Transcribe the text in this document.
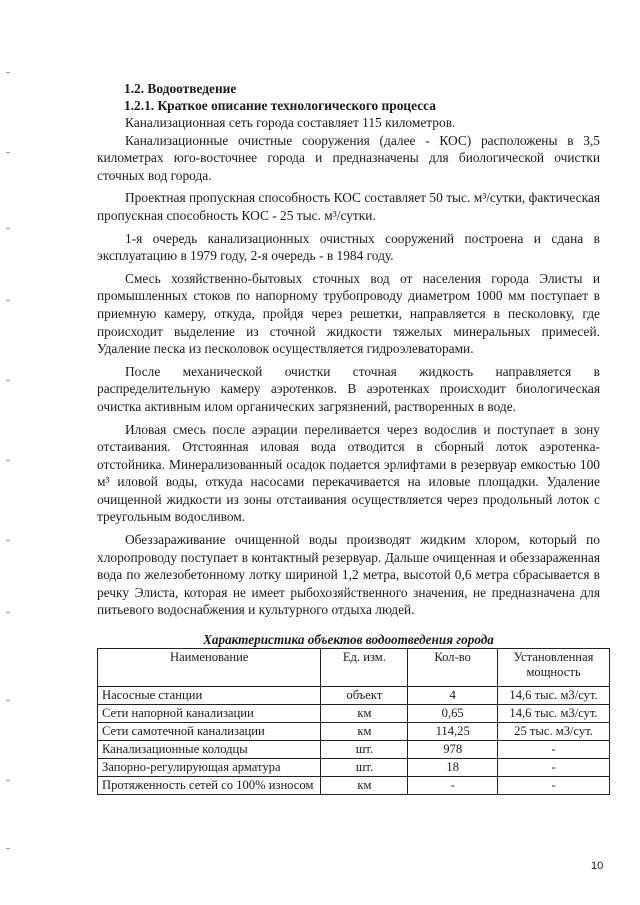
1.2. Водоотведение
1.2.1. Краткое описание технологического процесса

Канализационная сеть города составляет 115 километров.

Канализационные очистные сооружения (далее - КОС) расположены в 3,5 километрах юго-восточнее города и предназначены для биологической очистки сточных вод города.

Проектная пропускная способность КОС составляет 50 тыс. м³/сутки, фактическая пропускная способность КОС - 25 тыс. м³/сутки.

1-я очередь канализационных очистных сооружений построена и сдана в эксплуатацию в 1979 году, 2-я очередь - в 1984 году.

Смесь хозяйственно-бытовых сточных вод от населения города Элисты и промышленных стоков по напорному трубопроводу диаметром 1000 мм поступает в приемную камеру, откуда, пройдя через решетки, направляется в песколовку, где происходит выделение из сточной жидкости тяжелых минеральных примесей. Удаление песка из песколовок осуществляется гидроэлеваторами.

После механической очистки сточная жидкость направляется в распределительную камеру аэротенков. В аэротенках происходит биологическая очистка активным илом органических загрязнений, растворенных в воде.

Иловая смесь после аэрации переливается через водослив и поступает в зону отстаивания. Отстоянная иловая вода отводится в сборный лоток аэротенка-отстойника. Минерализованный осадок подается эрлифтами в резервуар емкостью 100 м³ иловой воды, откуда насосами перекачивается на иловые площадки. Удаление очищенной жидкости из зоны отстаивания осуществляется через продольный лоток с треугольным водосливом.

Обеззараживание очищенной воды производят жидким хлором, который по хлоропроводу поступает в контактный резервуар. Дальше очищенная и обеззараженная вода по железобетонному лотку шириной 1,2 метра, высотой 0,6 метра сбрасывается в речку Элиста, которая не имеет рыбохозяйственного значения, не предназначена для питьевого водоснабжения и культурного отдыха людей.

Характеристика объектов водоотведения города
Наименование	Ед. изм.	Кол-во	Установленная мощность
Насосные станции	объект	4	14,6 тыс. м3/сут.
Сети напорной канализации	км	0,65	14,6 тыс. м3/сут.
Сети самотечной канализации	км	114,25	25 тыс. м3/сут.
Канализационные колодцы	шт.	978	-
Запорно-регулирующая арматура	шт.	18	-
Протяженность сетей со 100% износом	км	-	-
10
